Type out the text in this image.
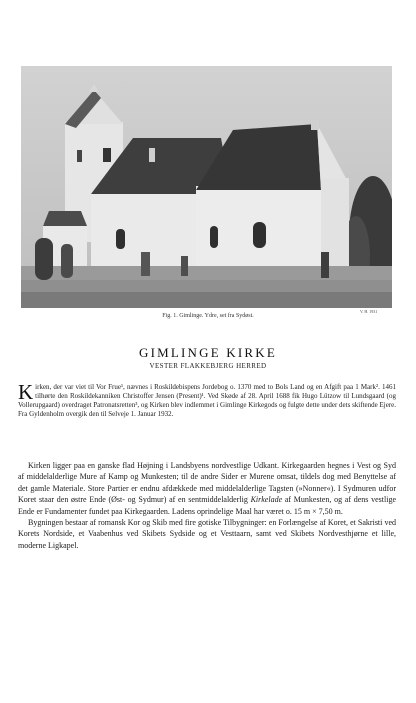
V. H. 1931
Fig. 1. Gimlinge. Ydre, set fra Sydøst.
GIMLINGE KIRKE
VESTER FLAKKEBJERG HERRED
Kirken, der var viet til Vor Frue¹, nævnes i Roskildebispens Jordebog o. 1370 med to Bols Land og en Afgift paa 1 Mark². 1461 tilhørte den Roskildekanniken Christoffer Jensen (Present)¹. Ved Skøde af 28. April 1688 fik Hugo Lützow til Lundsgaard (og Vollerupgaard) overdraget Patronatsretten³, og Kirken blev indlemmet i Gimlinge Kirkegods og fulgte dette under dets skiftende Ejere. Fra Gyldenholm overgik den til Selveje 1. Januar 1932.

Kirken ligger paa en ganske flad Højning i Landsbyens nordvestlige Udkant. Kirkegaarden hegnes i Vest og Syd af middelalderlige Mure af Kamp og Munkesten; til de andre Sider er Murene omsat, tildels dog med Benyttelse af det gamle Materiale. Store Partier er endnu afdækkede med middelalderlige Tagsten (»Nonner«). I Sydmuren udfor Koret staar den østre Ende (Øst- og Sydmur) af en sentmiddelalderlig Kirkelade af Munkesten, og af dens vestlige Ende er Fundamenter fundet paa Kirkegaarden. Ladens oprindelige Maal har været o. 15 m × 7,50 m.

Bygningen bestaar af romansk Kor og Skib med fire gotiske Tilbygninger: en Forlængelse af Koret, et Sakristi ved Korets Nordside, et Vaabenhus ved Skibets Sydside og et Vesttaarn, samt ved Skibets Nordvesthjørne et lille, moderne Ligkapel.
